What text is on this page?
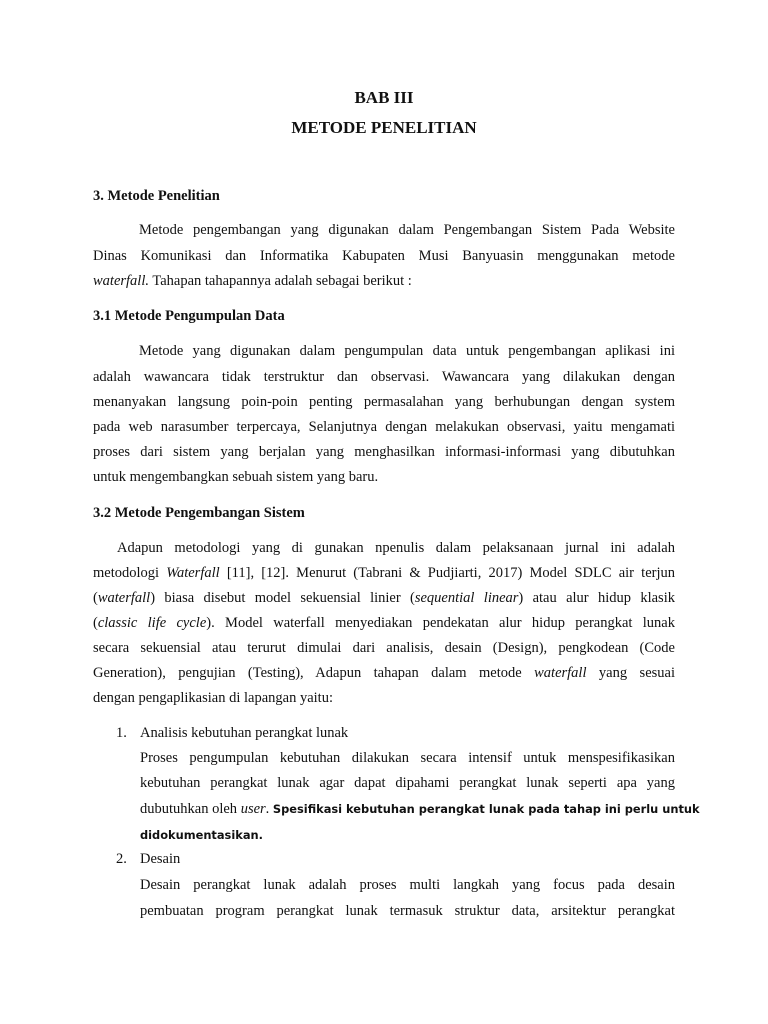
BAB III
METODE PENELITIAN
3. Metode Penelitian
Metode pengembangan yang digunakan dalam Pengembangan Sistem Pada Website
Dinas Komunikasi dan Informatika Kabupaten Musi Banyuasin menggunakan metode
waterfall. Tahapan tahapannya adalah sebagai berikut :
3.1 Metode Pengumpulan Data
Metode yang digunakan dalam pengumpulan data untuk pengembangan aplikasi ini
adalah wawancara tidak terstruktur dan observasi. Wawancara yang dilakukan dengan
menanyakan langsung poin-poin penting permasalahan yang berhubungan dengan system
pada web narasumber terpercaya, Selanjutnya dengan melakukan observasi, yaitu mengamati
proses dari sistem yang berjalan yang menghasilkan informasi-informasi yang dibutuhkan
untuk mengembangkan sebuah sistem yang baru.
3.2 Metode Pengembangan Sistem
Adapun metodologi yang di gunakan npenulis dalam pelaksanaan jurnal ini adalah
metodologi Waterfall [11], [12]. Menurut (Tabrani & Pudjiarti, 2017) Model SDLC air terjun
(waterfall) biasa disebut model sekuensial linier (sequential linear) atau alur hidup klasik
(classic life cycle). Model waterfall menyediakan pendekatan alur hidup perangkat lunak
secara sekuensial atau terurut dimulai dari analisis, desain (Design), pengkodean (Code
Generation), pengujian (Testing), Adapun tahapan dalam metode waterfall yang sesuai
dengan pengaplikasian di lapangan yaitu:
1. Analisis kebutuhan perangkat lunak
Proses pengumpulan kebutuhan dilakukan secara intensif untuk menspesifikasikan
kebutuhan perangkat lunak agar dapat dipahami perangkat lunak seperti apa yang
dubutuhkan oleh user. Spesifikasi kebutuhan perangkat lunak pada tahap ini perlu untuk
didokumentasikan.
2. Desain
Desain perangkat lunak adalah proses multi langkah yang focus pada desain
pembuatan program perangkat lunak termasuk struktur data, arsitektur perangkat
